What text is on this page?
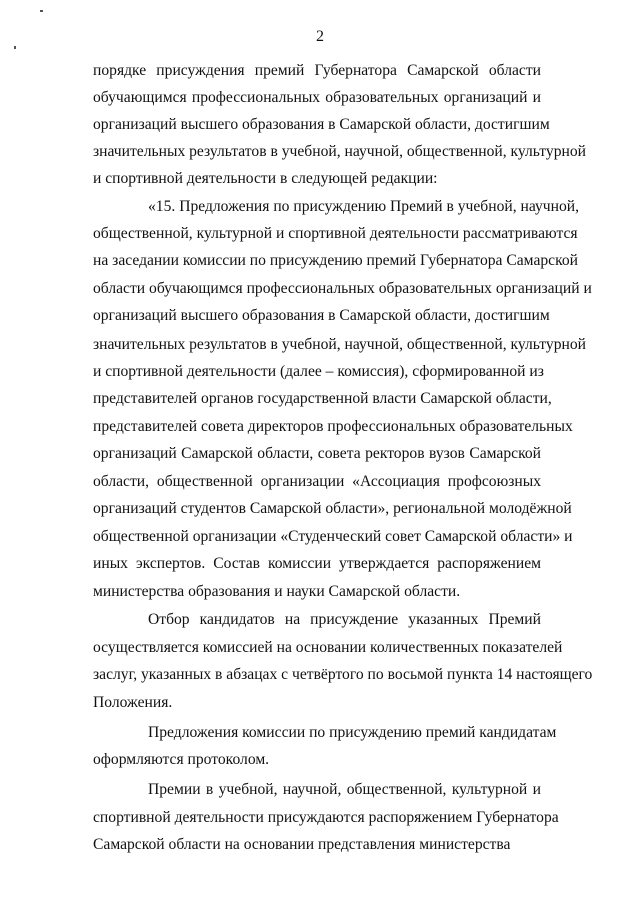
2
порядке присуждения премий Губернатора Самарской области
обучающимся профессиональных образовательных организаций и
организаций высшего образования в Самарской области, достигшим
значительных результатов в учебной, научной, общественной, культурной
и спортивной деятельности в следующей редакции:
«15. Предложения по присуждению Премий в учебной, научной,
общественной, культурной и спортивной деятельности рассматриваются
на заседании комиссии по присуждению премий Губернатора Самарской
области обучающимся профессиональных образовательных организаций и
организаций высшего образования в Самарской области, достигшим
значительных результатов в учебной, научной, общественной, культурной
и спортивной деятельности (далее – комиссия), сформированной из
представителей органов государственной власти Самарской области,
представителей совета директоров профессиональных образовательных
организаций Самарской области, совета ректоров вузов Самарской
области, общественной организации «Ассоциация профсоюзных
организаций студентов Самарской области», региональной молодёжной
общественной организации «Студенческий совет Самарской области» и
иных экспертов. Состав комиссии утверждается распоряжением
министерства образования и науки Самарской области.
Отбор кандидатов на присуждение указанных Премий
осуществляется комиссией на основании количественных показателей
заслуг, указанных в абзацах с четвёртого по восьмой пункта 14 настоящего
Положения.
Предложения комиссии по присуждению премий кандидатам
оформляются протоколом.
Премии в учебной, научной, общественной, культурной и
спортивной деятельности присуждаются распоряжением Губернатора
Самарской области на основании представления министерства
